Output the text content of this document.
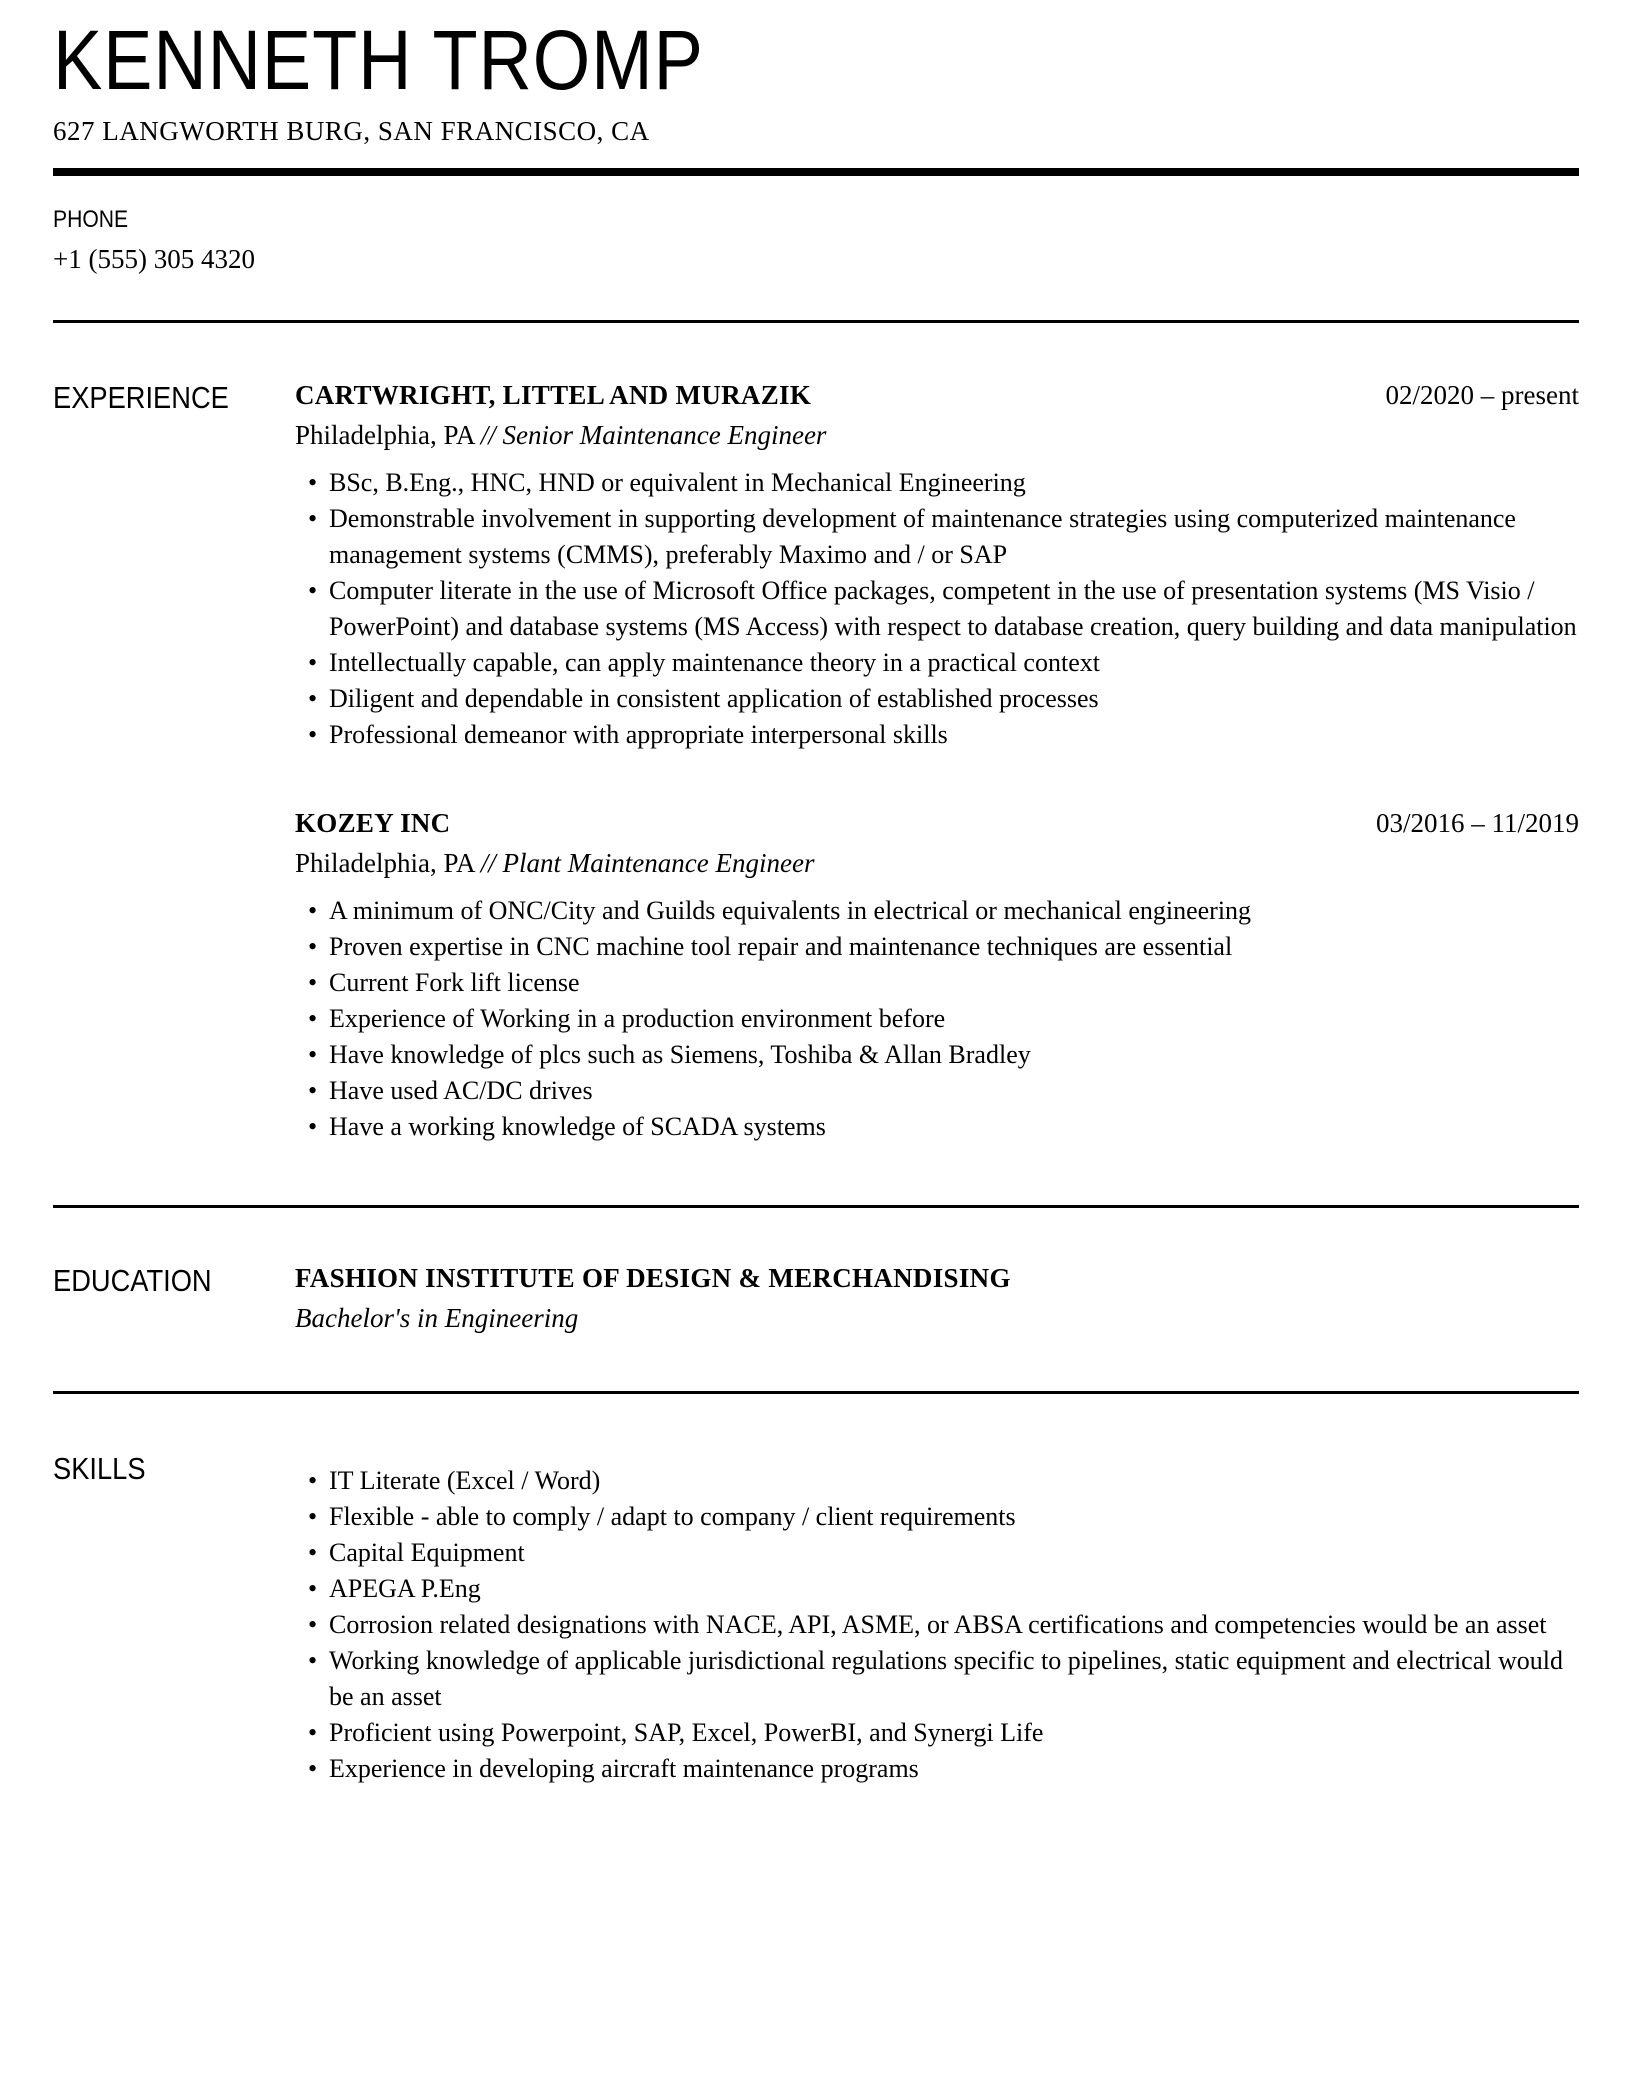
KENNETH TROMP
627 LANGWORTH BURG, SAN FRANCISCO, CA
PHONE
+1 (555) 305 4320
EXPERIENCE	CARTWRIGHT, LITTEL AND MURAZIK	02/2020 – present
Philadelphia, PA // Senior Maintenance Engineer
• BSc, B.Eng., HNC, HND or equivalent in Mechanical Engineering
• Demonstrable involvement in supporting development of maintenance strategies using computerized maintenance management systems (CMMS), preferably Maximo and / or SAP
• Computer literate in the use of Microsoft Office packages, competent in the use of presentation systems (MS Visio / PowerPoint) and database systems (MS Access) with respect to database creation, query building and data manipulation
• Intellectually capable, can apply maintenance theory in a practical context
• Diligent and dependable in consistent application of established processes
• Professional demeanor with appropriate interpersonal skills
KOZEY INC	03/2016 – 11/2019
Philadelphia, PA // Plant Maintenance Engineer
• A minimum of ONC/City and Guilds equivalents in electrical or mechanical engineering
• Proven expertise in CNC machine tool repair and maintenance techniques are essential
• Current Fork lift license
• Experience of Working in a production environment before
• Have knowledge of plcs such as Siemens, Toshiba & Allan Bradley
• Have used AC/DC drives
• Have a working knowledge of SCADA systems
EDUCATION	FASHION INSTITUTE OF DESIGN & MERCHANDISING
Bachelor's in Engineering
SKILLS	• IT Literate (Excel / Word)
• Flexible - able to comply / adapt to company / client requirements
• Capital Equipment
• APEGA P.Eng
• Corrosion related designations with NACE, API, ASME, or ABSA certifications and competencies would be an asset
• Working knowledge of applicable jurisdictional regulations specific to pipelines, static equipment and electrical would be an asset
• Proficient using Powerpoint, SAP, Excel, PowerBI, and Synergi Life
• Experience in developing aircraft maintenance programs
